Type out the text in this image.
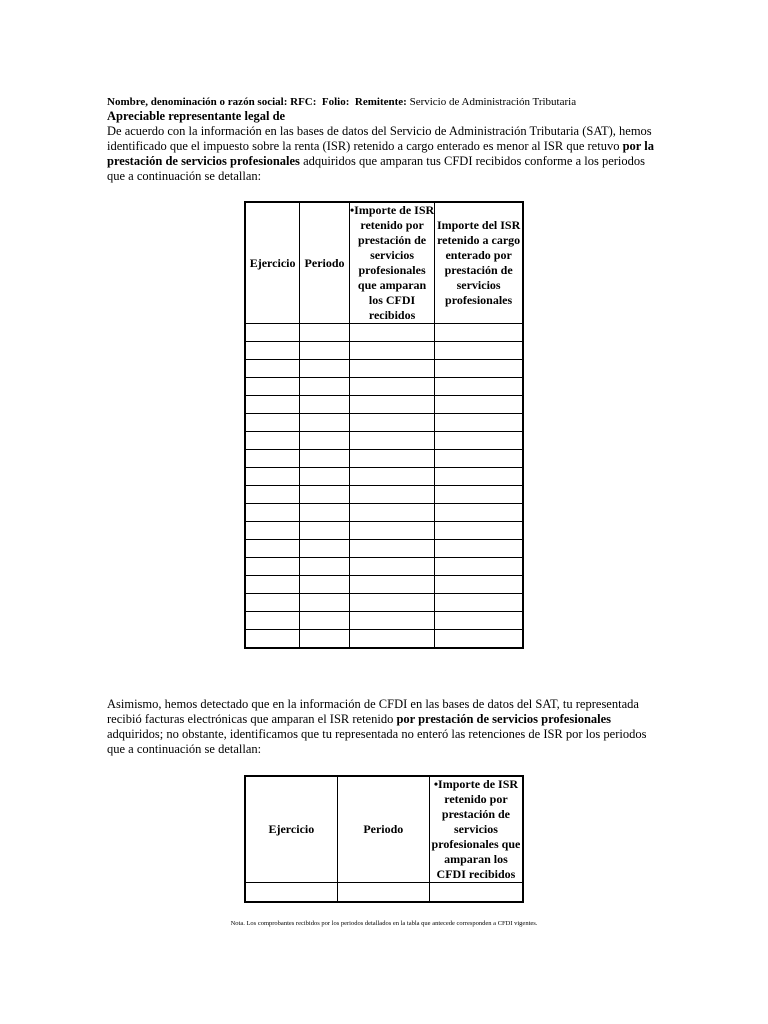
Nombre, denominación o razón social: RFC: Folio: Remitente: Servicio de Administración Tributaria
Apreciable representante legal de
De acuerdo con la información en las bases de datos del Servicio de Administración Tributaria (SAT), hemos identificado que el impuesto sobre la renta (ISR) retenido a cargo enterado es menor al ISR que retuvo por la prestación de servicios profesionales adquiridos que amparan tus CFDI recibidos conforme a los periodos que a continuación se detallan:
Ejercicio	Periodo	•Importe de ISR retenido por prestación de servicios profesionales que amparan los CFDI recibidos	Importe del ISR retenido a cargo enterado por prestación de servicios profesionales

Asimismo, hemos detectado que en la información de CFDI en las bases de datos del SAT, tu representada recibió facturas electrónicas que amparan el ISR retenido por prestación de servicios profesionales adquiridos; no obstante, identificamos que tu representada no enteró las retenciones de ISR por los periodos que a continuación se detallan:
Ejercicio	Periodo	•Importe de ISR retenido por prestación de servicios profesionales que amparan los CFDI recibidos

Nota. Los comprobantes recibidos por los periodos detallados en la tabla que antecede corresponden a CFDI vigentes.
